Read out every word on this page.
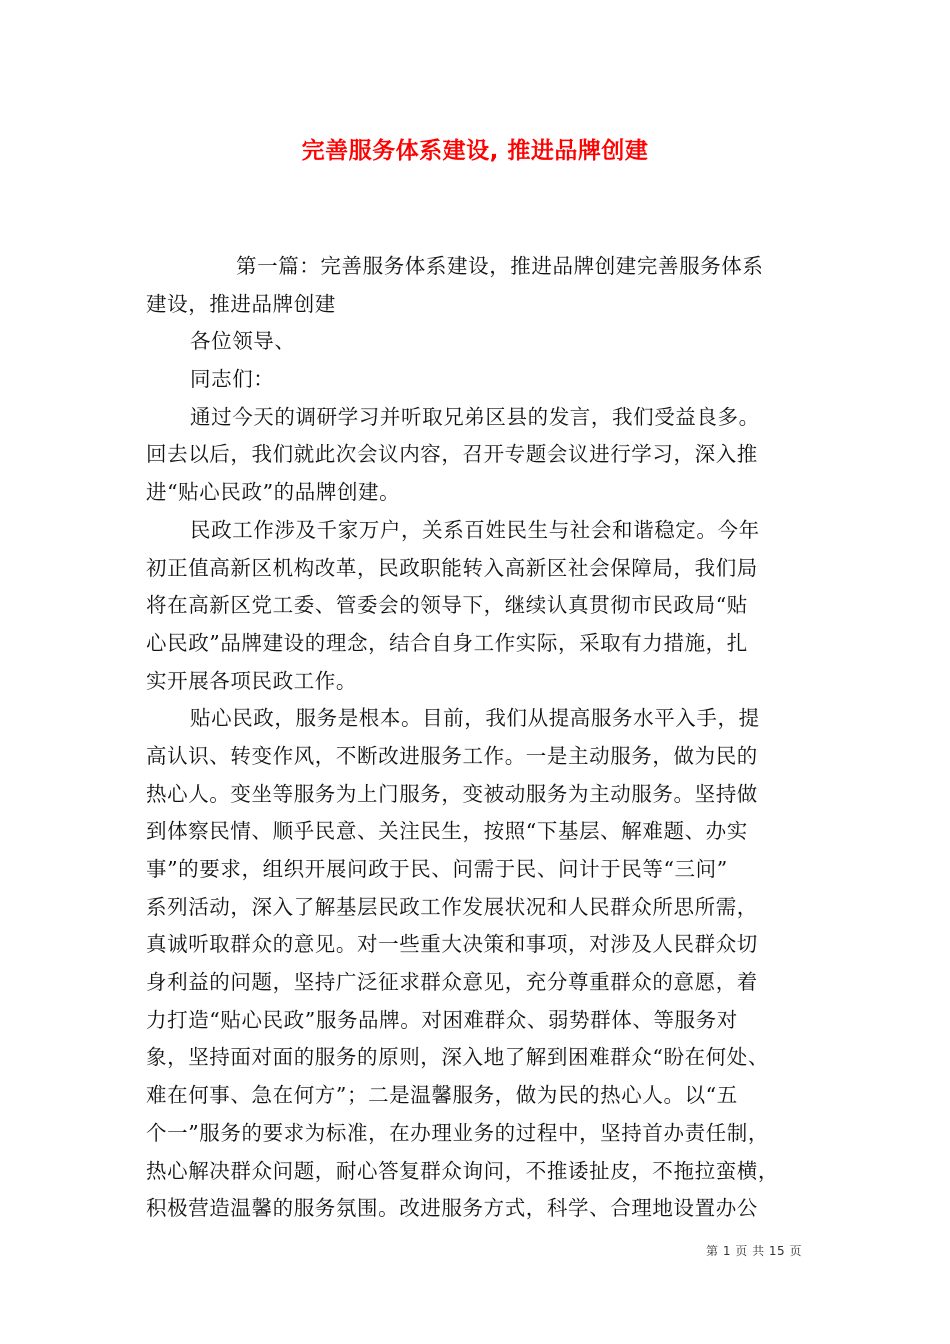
完善服务体系建设, 推进品牌创建
第一篇：完善服务体系建设，推进品牌创建完善服务体系
建设，推进品牌创建
各位领导、
同志们：
通过今天的调研学习并听取兄弟区县的发言，我们受益良多。
回去以后，我们就此次会议内容，召开专题会议进行学习，深入推
进“贴心民政”的品牌创建。
民政工作涉及千家万户，关系百姓民生与社会和谐稳定。今年
初正值高新区机构改革，民政职能转入高新区社会保障局，我们局
将在高新区党工委、管委会的领导下，继续认真贯彻市民政局“贴
心民政”品牌建设的理念，结合自身工作实际，采取有力措施，扎
实开展各项民政工作。
贴心民政，服务是根本。目前，我们从提高服务水平入手，提
高认识、转变作风，不断改进服务工作。一是主动服务，做为民的
热心人。变坐等服务为上门服务，变被动服务为主动服务。坚持做
到体察民情、顺乎民意、关注民生，按照“下基层、解难题、办实
事”的要求，组织开展问政于民、问需于民、问计于民等“三问”
系列活动，深入了解基层民政工作发展状况和人民群众所思所需，
真诚听取群众的意见。对一些重大决策和事项，对涉及人民群众切
身利益的问题，坚持广泛征求群众意见，充分尊重群众的意愿，着
力打造“贴心民政”服务品牌。对困难群众、弱势群体、等服务对
象，坚持面对面的服务的原则，深入地了解到困难群众“盼在何处、
难在何事、急在何方”；二是温馨服务，做为民的热心人。以“五
个一”服务的要求为标准，在办理业务的过程中，坚持首办责任制，
热心解决群众问题，耐心答复群众询问，不推诿扯皮，不拖拉蛮横，
积极营造温馨的服务氛围。改进服务方式，科学、合理地设置办公
第 1 页 共 15 页
